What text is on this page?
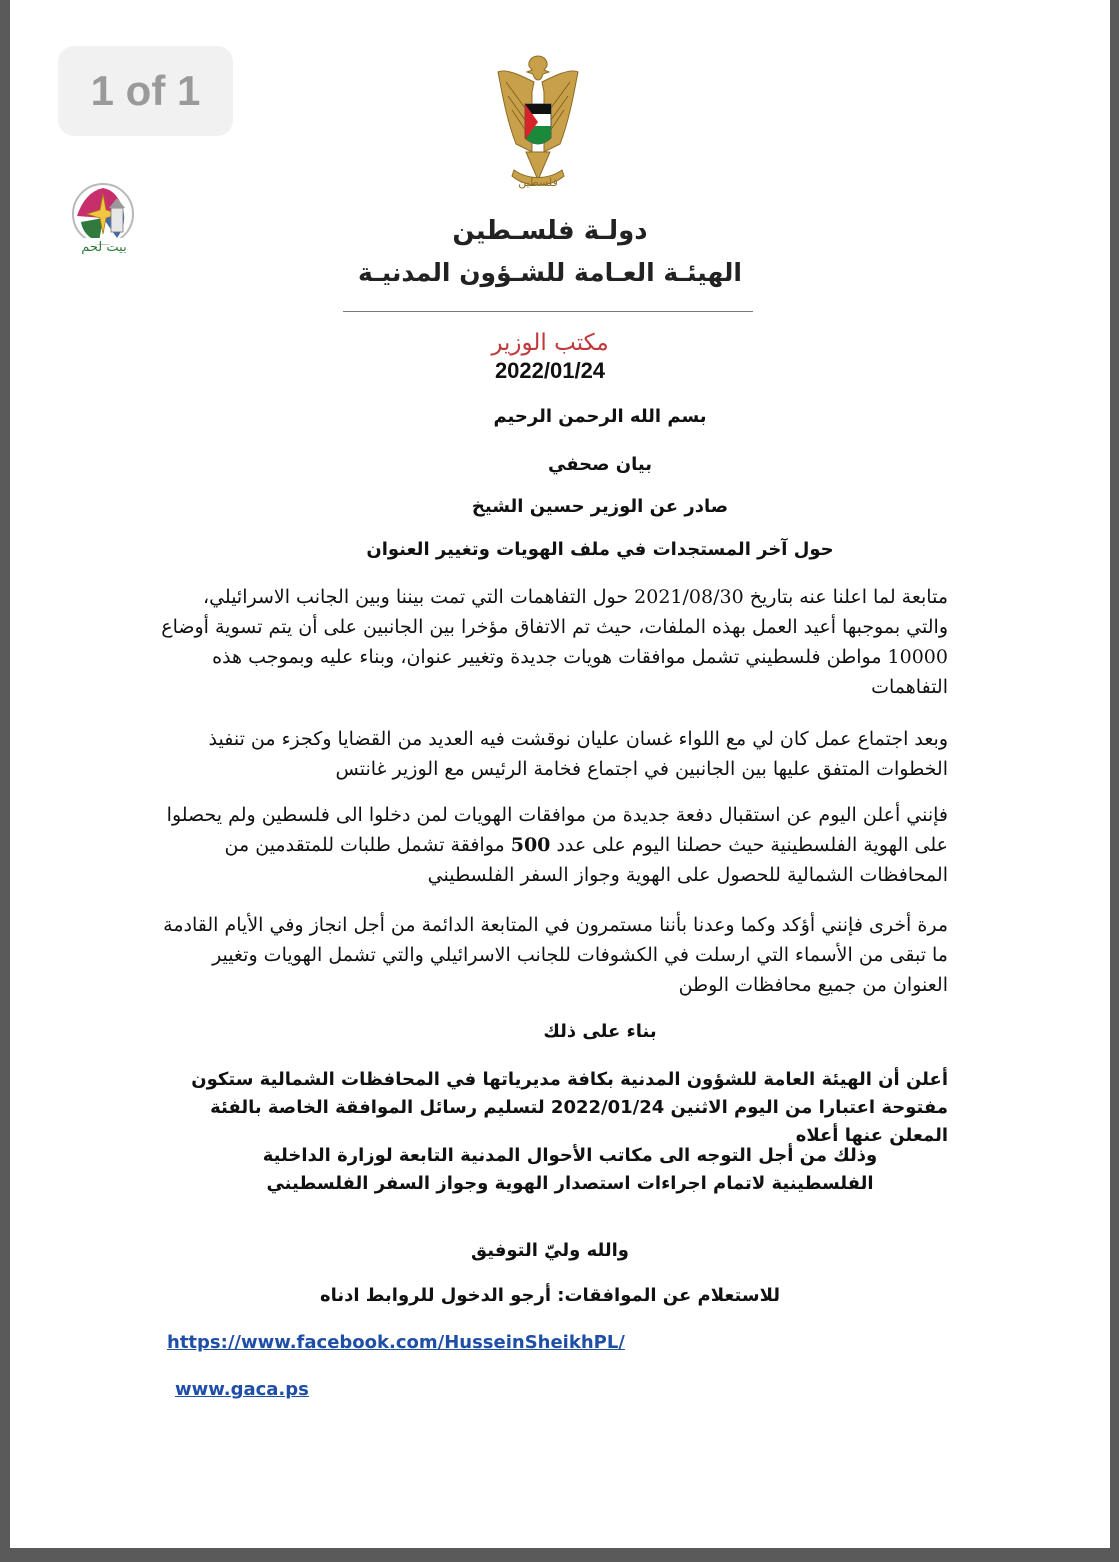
1 of 1
فلسطين
بيت لحم
دولـة فلسـطين
الهيئـة العـامة للشـؤون المدنيـة
مكتب الوزير
2022/01/24
بسم الله الرحمن الرحيم
بيان صحفي
صادر عن الوزير حسين الشيخ
حول آخر المستجدات في ملف الهويات وتغيير العنوان
متابعة لما اعلنا عنه بتاريخ 2021/08/30 حول التفاهمات التي تمت بيننا وبين الجانب الاسرائيلي، والتي بموجبها أعيد العمل بهذه الملفات، حيث تم الاتفاق مؤخرا بين الجانبين على أن يتم تسوية أوضاع 10000 مواطن فلسطيني تشمل موافقات هويات جديدة وتغيير عنوان، وبناء عليه وبموجب هذه التفاهمات
وبعد اجتماع عمل كان لي مع اللواء غسان عليان نوقشت فيه العديد من القضايا وكجزء من تنفيذ الخطوات المتفق عليها بين الجانبين في اجتماع فخامة الرئيس مع الوزير غانتس
فإنني أعلن اليوم عن استقبال دفعة جديدة من موافقات الهويات لمن دخلوا الى فلسطين ولم يحصلوا على الهوية الفلسطينية حيث حصلنا اليوم على عدد 500 موافقة تشمل طلبات للمتقدمين من المحافظات الشمالية للحصول على الهوية وجواز السفر الفلسطيني
مرة أخرى فإنني أؤكد وكما وعدنا بأننا مستمرون في المتابعة الدائمة من أجل انجاز وفي الأيام القادمة ما تبقى من الأسماء التي ارسلت في الكشوفات للجانب الاسرائيلي والتي تشمل الهويات وتغيير العنوان من جميع محافظات الوطن
بناء على ذلك
أعلن أن الهيئة العامة للشؤون المدنية بكافة مديرياتها في المحافظات الشمالية ستكون مفتوحة اعتبارا من اليوم الاثنين 2022/01/24 لتسليم رسائل الموافقة الخاصة بالفئة المعلن عنها أعلاه
وذلك من أجل التوجه الى مكاتب الأحوال المدنية التابعة لوزارة الداخلية الفلسطينية لاتمام اجراءات استصدار الهوية وجواز السفر الفلسطيني
والله وليّ التوفيق
للاستعلام عن الموافقات: أرجو الدخول للروابط ادناه
https://www.facebook.com/HusseinSheikhPL/
www.gaca.ps
